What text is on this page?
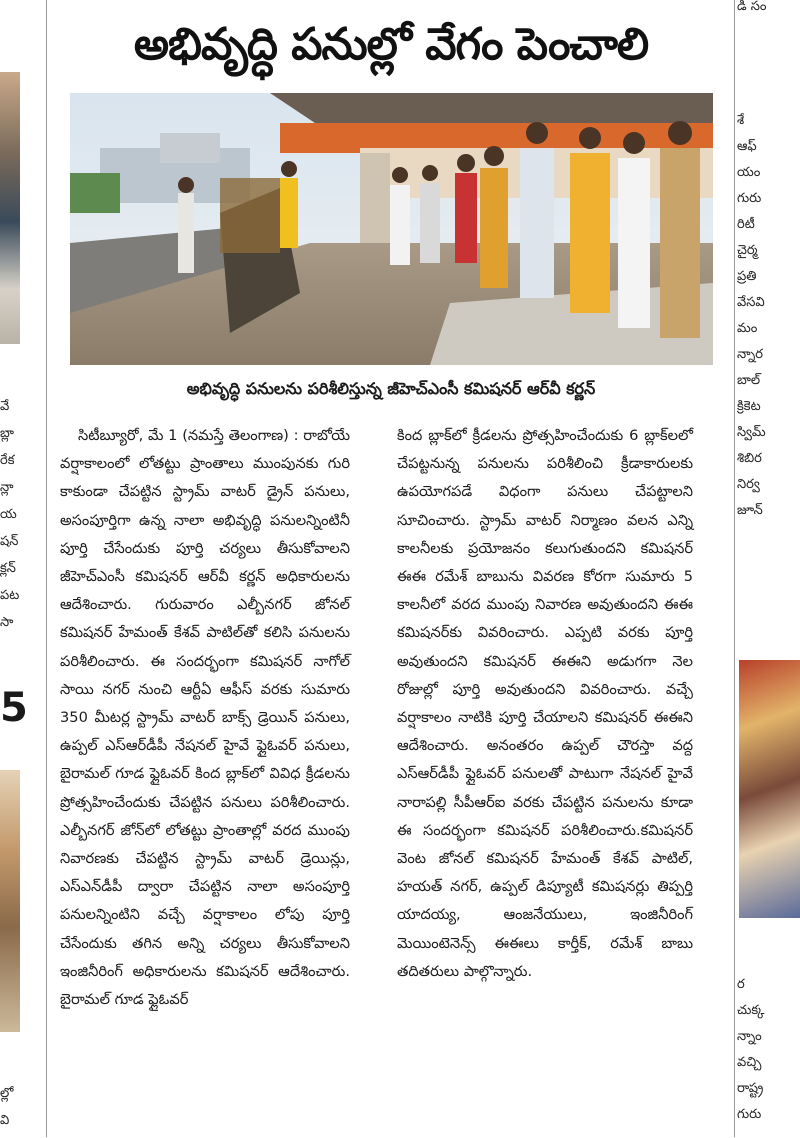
వే
బ్లా
రేక
న్లా
య
షన్
క్లన్
పట
సా
5
ల్లో
వి
డి సం
శే
ఆఫ్
యం
గురు
రిటీ
చైర్మ
ప్రతి
వేసవి
మం
న్నార
బాల్
క్రికెట
స్విమ్
శిబిర
నిర్వ
జూన్
ర
చుక్క
న్నాం
వచ్చి
రాష్ట్ర
గురు
అభివృద్ధి పనుల్లో వేగం పెంచాలి
అభివృద్ధి పనులను పరిశీలిస్తున్న జీహెచ్ఎంసీ కమిషనర్ ఆర్‌వీ కర్ణన్

సిటీబ్యూరో, మే 1 (నమస్తే తెలంగాణ) : రాబోయే వర్షాకాలంలో లోతట్టు ప్రాంతాలు ముంపునకు గురి కాకుండా చేపట్టిన స్ట్రామ్ వాటర్ డ్రైన్ పనులు, అసంపూర్తిగా ఉన్న నాలా అభివృద్ధి పనులన్నింటినీ పూర్తి చేసేందుకు పూర్తి చర్యలు తీసుకోవాలని జీహెచ్ఎంసీ కమిషనర్ ఆర్‌వీ కర్ణన్ అధికారులను ఆదేశించారు. గురువారం ఎల్బీనగర్ జోనల్ కమిషనర్ హేమంత్ కేశవ్ పాటిల్‌తో కలిసి పనులను పరిశీలించారు. ఈ సందర్భంగా కమిషనర్ నాగోల్ సాయి నగర్ నుంచి ఆర్టీఏ ఆఫీస్ వరకు సుమారు 350 మీటర్ల స్ట్రామ్ వాటర్ బాక్స్ డ్రెయిన్ పనులు, ఉప్పల్ ఎస్ఆర్‌డీపీ నేషనల్ హైవే ఫ్లైఓవర్ పనులు, బైరామల్ గూడ ఫ్లైఓవర్ కింద బ్లాక్‌లో వివిధ క్రీడలను ప్రోత్సహించేందుకు చేపట్టిన పనులు పరిశీలించారు. ఎల్బీనగర్ జోన్‌లో లోతట్టు ప్రాంతాల్లో వరద ముంపు నివారణకు చేపట్టిన స్ట్రామ్ వాటర్ డ్రెయిన్లు, ఎస్ఎన్‌డీపీ ద్వారా చేపట్టిన నాలా అసంపూర్తి పనులన్నింటిని వచ్చే వర్షాకాలం లోపు పూర్తి చేసేందుకు తగిన అన్ని చర్యలు తీసుకోవాలని ఇంజినీరింగ్ అధికారులను కమిషనర్ ఆదేశించారు. బైరామల్ గూడ ఫ్లైఓవర్

కింద బ్లాక్‌లో క్రీడలను ప్రోత్సహించేందుకు 6 బ్లాక్‌లలో చేపట్టనున్న పనులను పరిశీలించి క్రీడాకారులకు ఉపయోగపడే విధంగా పనులు చేపట్టాలని సూచించారు. స్ట్రామ్ వాటర్ నిర్మాణం వలన ఎన్ని కాలనీలకు ప్రయోజనం కలుగుతుందని కమిషనర్ ఈఈ రమేశ్ బాబును వివరణ కోరగా సుమారు 5 కాలనీలో వరద ముంపు నివారణ అవుతుందని ఈఈ కమిషనర్‌కు వివరించారు. ఎప్పటి వరకు పూర్తి అవుతుందని కమిషనర్ ఈఈని అడుగగా నెల రోజుల్లో పూర్తి అవుతుందని వివరించారు. వచ్చే వర్షాకాలం నాటికి పూర్తి చేయాలని కమిషనర్ ఈఈని ఆదేశించారు. అనంతరం ఉప్పల్ చౌరస్తా వద్ద ఎస్ఆర్‌డీపీ ఫ్లైఓవర్ పనులతో పాటుగా నేషనల్ హైవే నారాపల్లి సీపీఆర్ఐ వరకు చేపట్టిన పనులను కూడా ఈ సందర్భంగా కమిషనర్ పరిశీలించారు.కమిషనర్ వెంట జోనల్ కమిషనర్ హేమంత్ కేశవ్ పాటిల్, హయత్ నగర్, ఉప్పల్ డిప్యూటీ కమిషనర్లు తిప్పర్తి యాదయ్య, ఆంజనేయులు, ఇంజినీరింగ్ మెయింటెనెన్స్ ఈఈలు కార్తీక్, రమేశ్ బాబు తదితరులు పాల్గొన్నారు.
